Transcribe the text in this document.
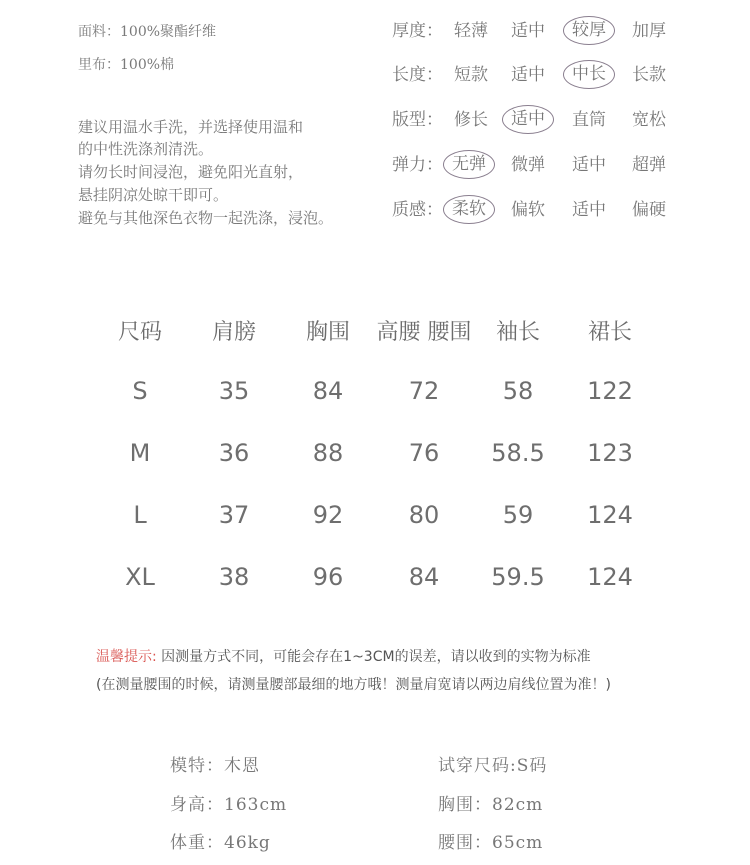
面料：100%聚酯纤维
里布：100%棉
建议用温水手洗，并选择使用温和
的中性洗涤剂清洗。
请勿长时间浸泡，避免阳光直射，
悬挂阴凉处晾干即可。
避免与其他深色衣物一起洗涤，浸泡。
厚度： 轻薄 适中	较厚	加厚
长度： 短款 适中	中长	长款
版型： 修长	适中	直筒 宽松
弹力： 无弹	微弹 适中 超弹
质感： 柔软	偏软 适中 偏硬
尺码 肩膀 胸围 高腰 腰围 袖长 裙长
S	35	84	72	58 122
M	36	88	76 58.5 123
L	37	92	80	59 124
XL	38	96	84 59.5 124
温馨提示: 因测量方式不同，可能会存在1~3CM的误差，请以收到的实物为标准
(在测量腰围的时候，请测量腰部最细的地方哦！测量肩宽请以两边肩线位置为准！)
模特：木恩	试穿尺码:S码
身高：163cm	胸围：82cm
体重：46kg	腰围：65cm
